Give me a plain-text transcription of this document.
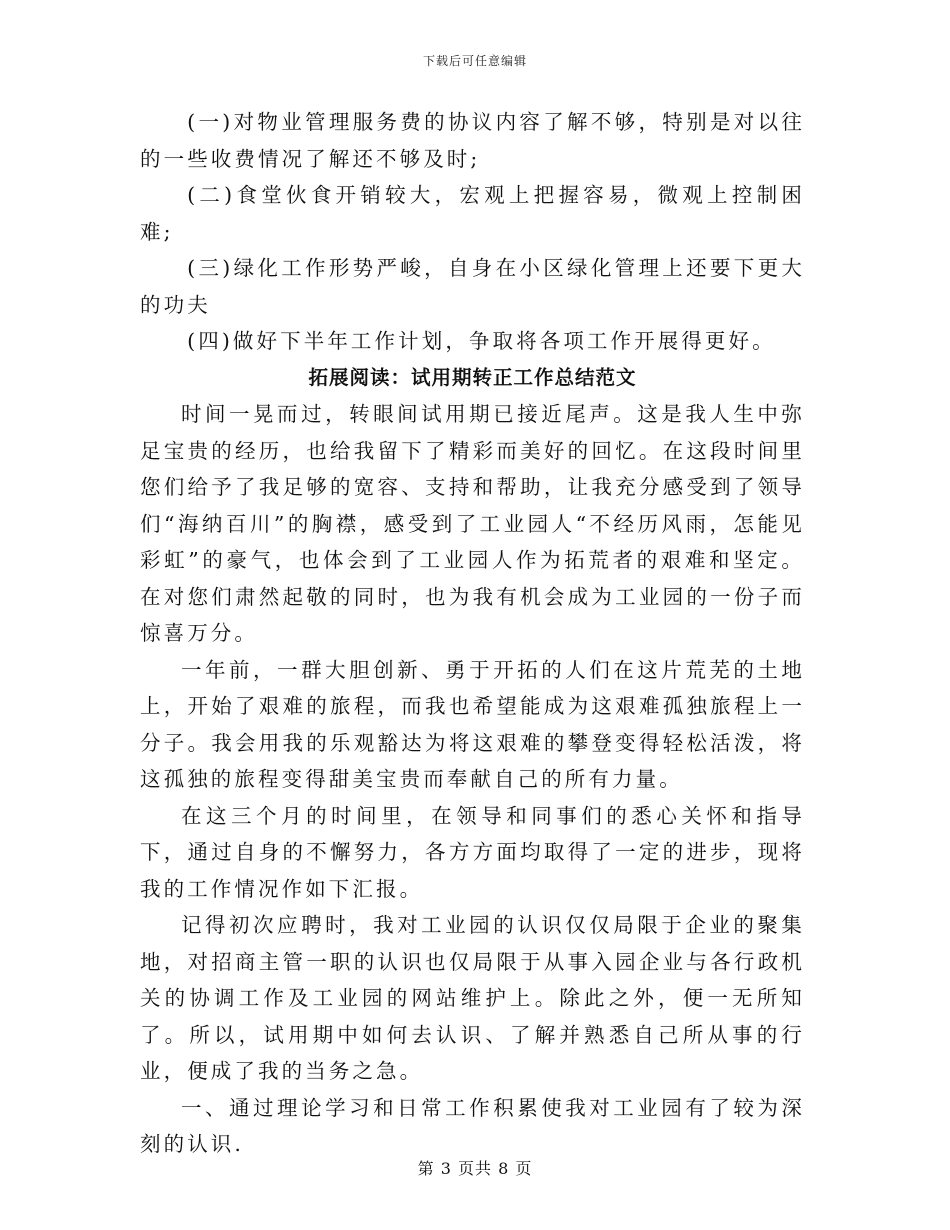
下载后可任意编辑

(一)对物业管理服务费的协议内容了解不够，特别是对以往的一些收费情况了解还不够及时;

(二)食堂伙食开销较大，宏观上把握容易，微观上控制困难;

(三)绿化工作形势严峻，自身在小区绿化管理上还要下更大的功夫

(四)做好下半年工作计划，争取将各项工作开展得更好。

拓展阅读：试用期转正工作总结范文

时间一晃而过，转眼间试用期已接近尾声。这是我人生中弥足宝贵的经历，也给我留下了精彩而美好的回忆。在这段时间里您们给予了我足够的宽容、支持和帮助，让我充分感受到了领导们“海纳百川”的胸襟，感受到了工业园人“不经历风雨，怎能见彩虹”的豪气，也体会到了工业园人作为拓荒者的艰难和坚定。在对您们肃然起敬的同时，也为我有机会成为工业园的一份子而惊喜万分。

一年前，一群大胆创新、勇于开拓的人们在这片荒芜的土地上，开始了艰难的旅程，而我也希望能成为这艰难孤独旅程上一分子。我会用我的乐观豁达为将这艰难的攀登变得轻松活泼，将这孤独的旅程变得甜美宝贵而奉献自己的所有力量。

在这三个月的时间里，在领导和同事们的悉心关怀和指导下，通过自身的不懈努力，各方方面均取得了一定的进步，现将我的工作情况作如下汇报。

记得初次应聘时，我对工业园的认识仅仅局限于企业的聚集地，对招商主管一职的认识也仅局限于从事入园企业与各行政机关的协调工作及工业园的网站维护上。除此之外，便一无所知了。所以，试用期中如何去认识、了解并熟悉自己所从事的行业，便成了我的当务之急。

一、通过理论学习和日常工作积累使我对工业园有了较为深刻的认识.

第 3 页共 8 页
